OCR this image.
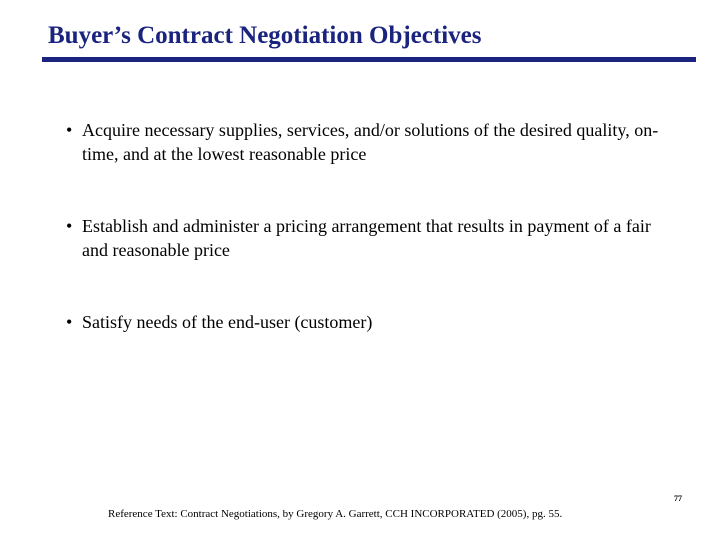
Buyer’s Contract Negotiation Objectives
• Acquire necessary supplies, services, and/or solutions of the desired quality, on-time, and at the lowest reasonable price
• Establish and administer a pricing arrangement that results in payment of a fair and reasonable price
• Satisfy needs of the end-user (customer)
77
Reference Text: Contract Negotiations, by Gregory A. Garrett, CCH INCORPORATED (2005), pg. 55.
